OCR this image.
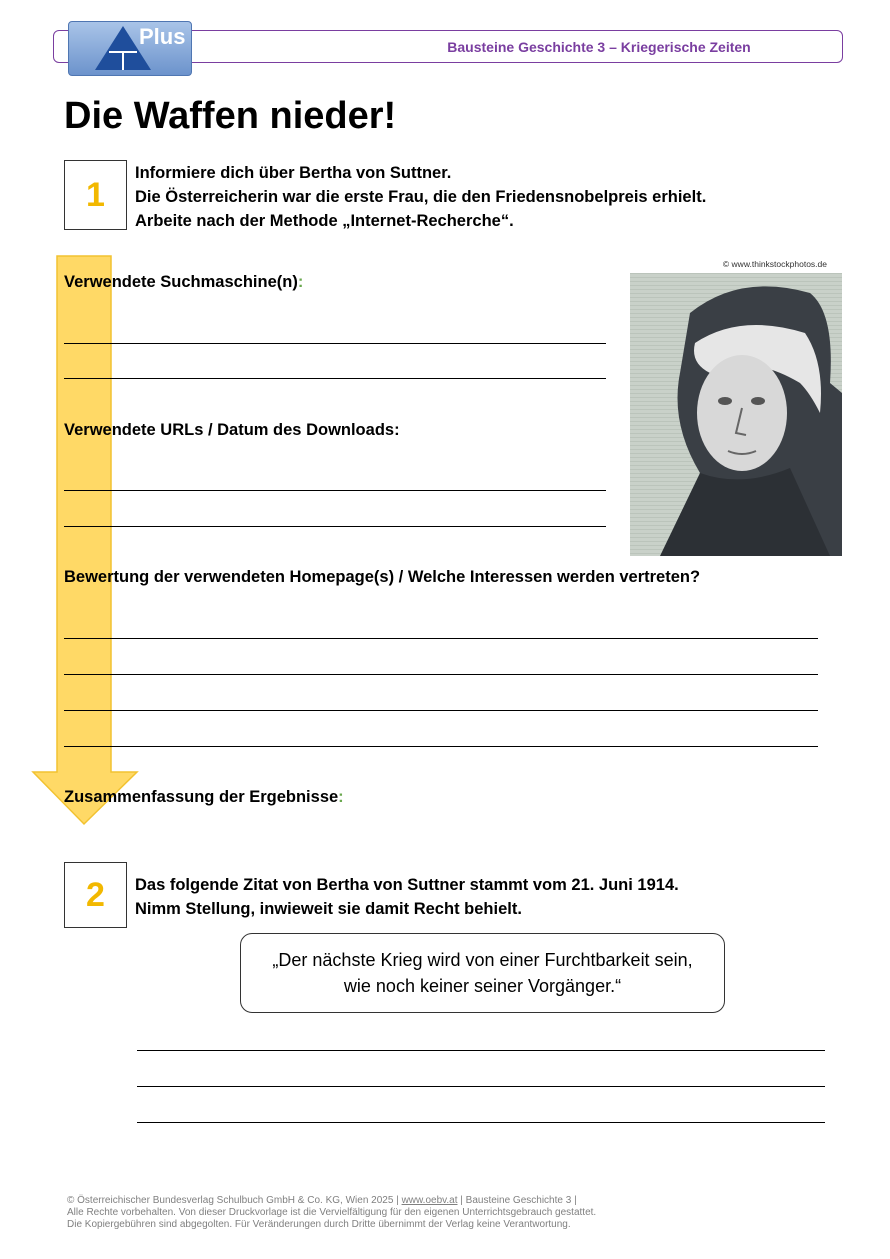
Bausteine Geschichte 3 – Kriegerische Zeiten
Plus
Die Waffen nieder!
1
Informiere dich über Bertha von Suttner.
Die Österreicherin war die erste Frau, die den Friedensnobelpreis erhielt.
Arbeite nach der Methode „Internet-Recherche“.
© www.thinkstockphotos.de
Verwendete Suchmaschine(n):
Verwendete URLs / Datum des Downloads:
Bewertung der verwendeten Homepage(s) / Welche Interessen werden vertreten?
Zusammenfassung der Ergebnisse:
2	Das folgende Zitat von Bertha von Suttner stammt vom 21. Juni 1914.
Nimm Stellung, inwieweit sie damit Recht behielt.
„Der nächste Krieg wird von einer Furchtbarkeit sein,
wie noch keiner seiner Vorgänger.“
© Österreichischer Bundesverlag Schulbuch GmbH & Co. KG, Wien 2025 | www.oebv.at | Bausteine Geschichte 3 |
Alle Rechte vorbehalten. Von dieser Druckvorlage ist die Vervielfältigung für den eigenen Unterrichtsgebrauch gestattet.
Die Kopiergebühren sind abgegolten. Für Veränderungen durch Dritte übernimmt der Verlag keine Verantwortung.
